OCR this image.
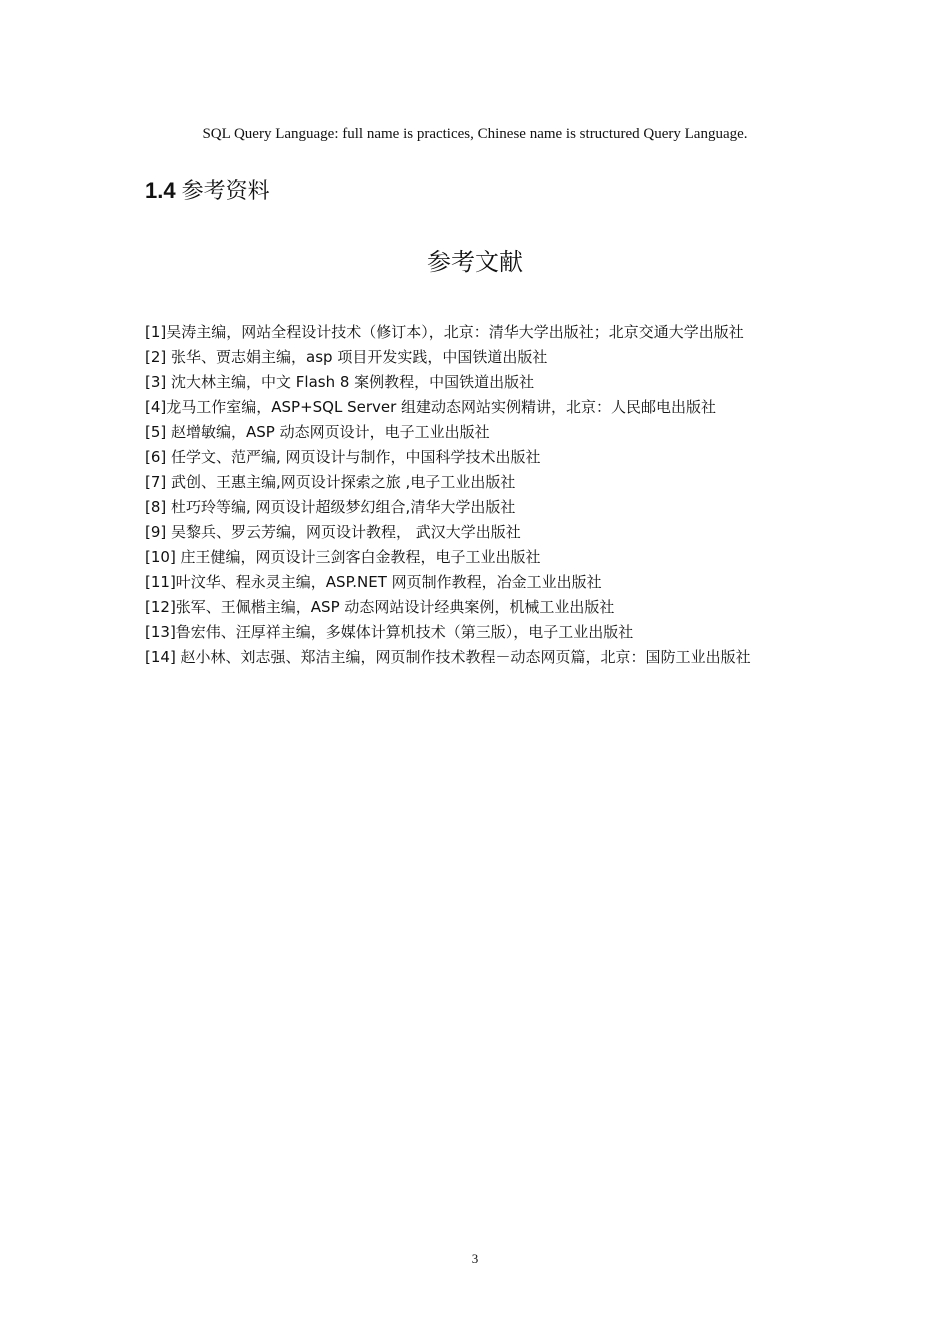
SQL Query Language: full name is practices, Chinese name is structured Query Language.

1.4 参考资料
参考文献
[1]吴涛主编，网站全程设计技术（修订本），北京：清华大学出版社；北京交通大学出版社
[2] 张华、贾志娟主编，asp 项目开发实践，中国铁道出版社
[3] 沈大林主编，中文 Flash 8 案例教程，中国铁道出版社
[4]龙马工作室编，ASP+SQL Server 组建动态网站实例精讲，北京：人民邮电出版社
[5] 赵增敏编，ASP 动态网页设计，电子工业出版社
[6] 任学文、范严编, 网页设计与制作，中国科学技术出版社
[7] 武创、王惠主编,网页设计探索之旅 ,电子工业出版社
[8] 杜巧玲等编, 网页设计超级梦幻组合,清华大学出版社
[9] 吴黎兵、罗云芳编，网页设计教程， 武汉大学出版社
[10] 庄王健编，网页设计三剑客白金教程，电子工业出版社
[11]叶汶华、程永灵主编，ASP.NET 网页制作教程，冶金工业出版社
[12]张军、王佩楷主编，ASP 动态网站设计经典案例，机械工业出版社
[13]鲁宏伟、汪厚祥主编，多媒体计算机技术（第三版），电子工业出版社
[14] 赵小林、刘志强、郑洁主编，网页制作技术教程－动态网页篇，北京：国防工业出版社
3
